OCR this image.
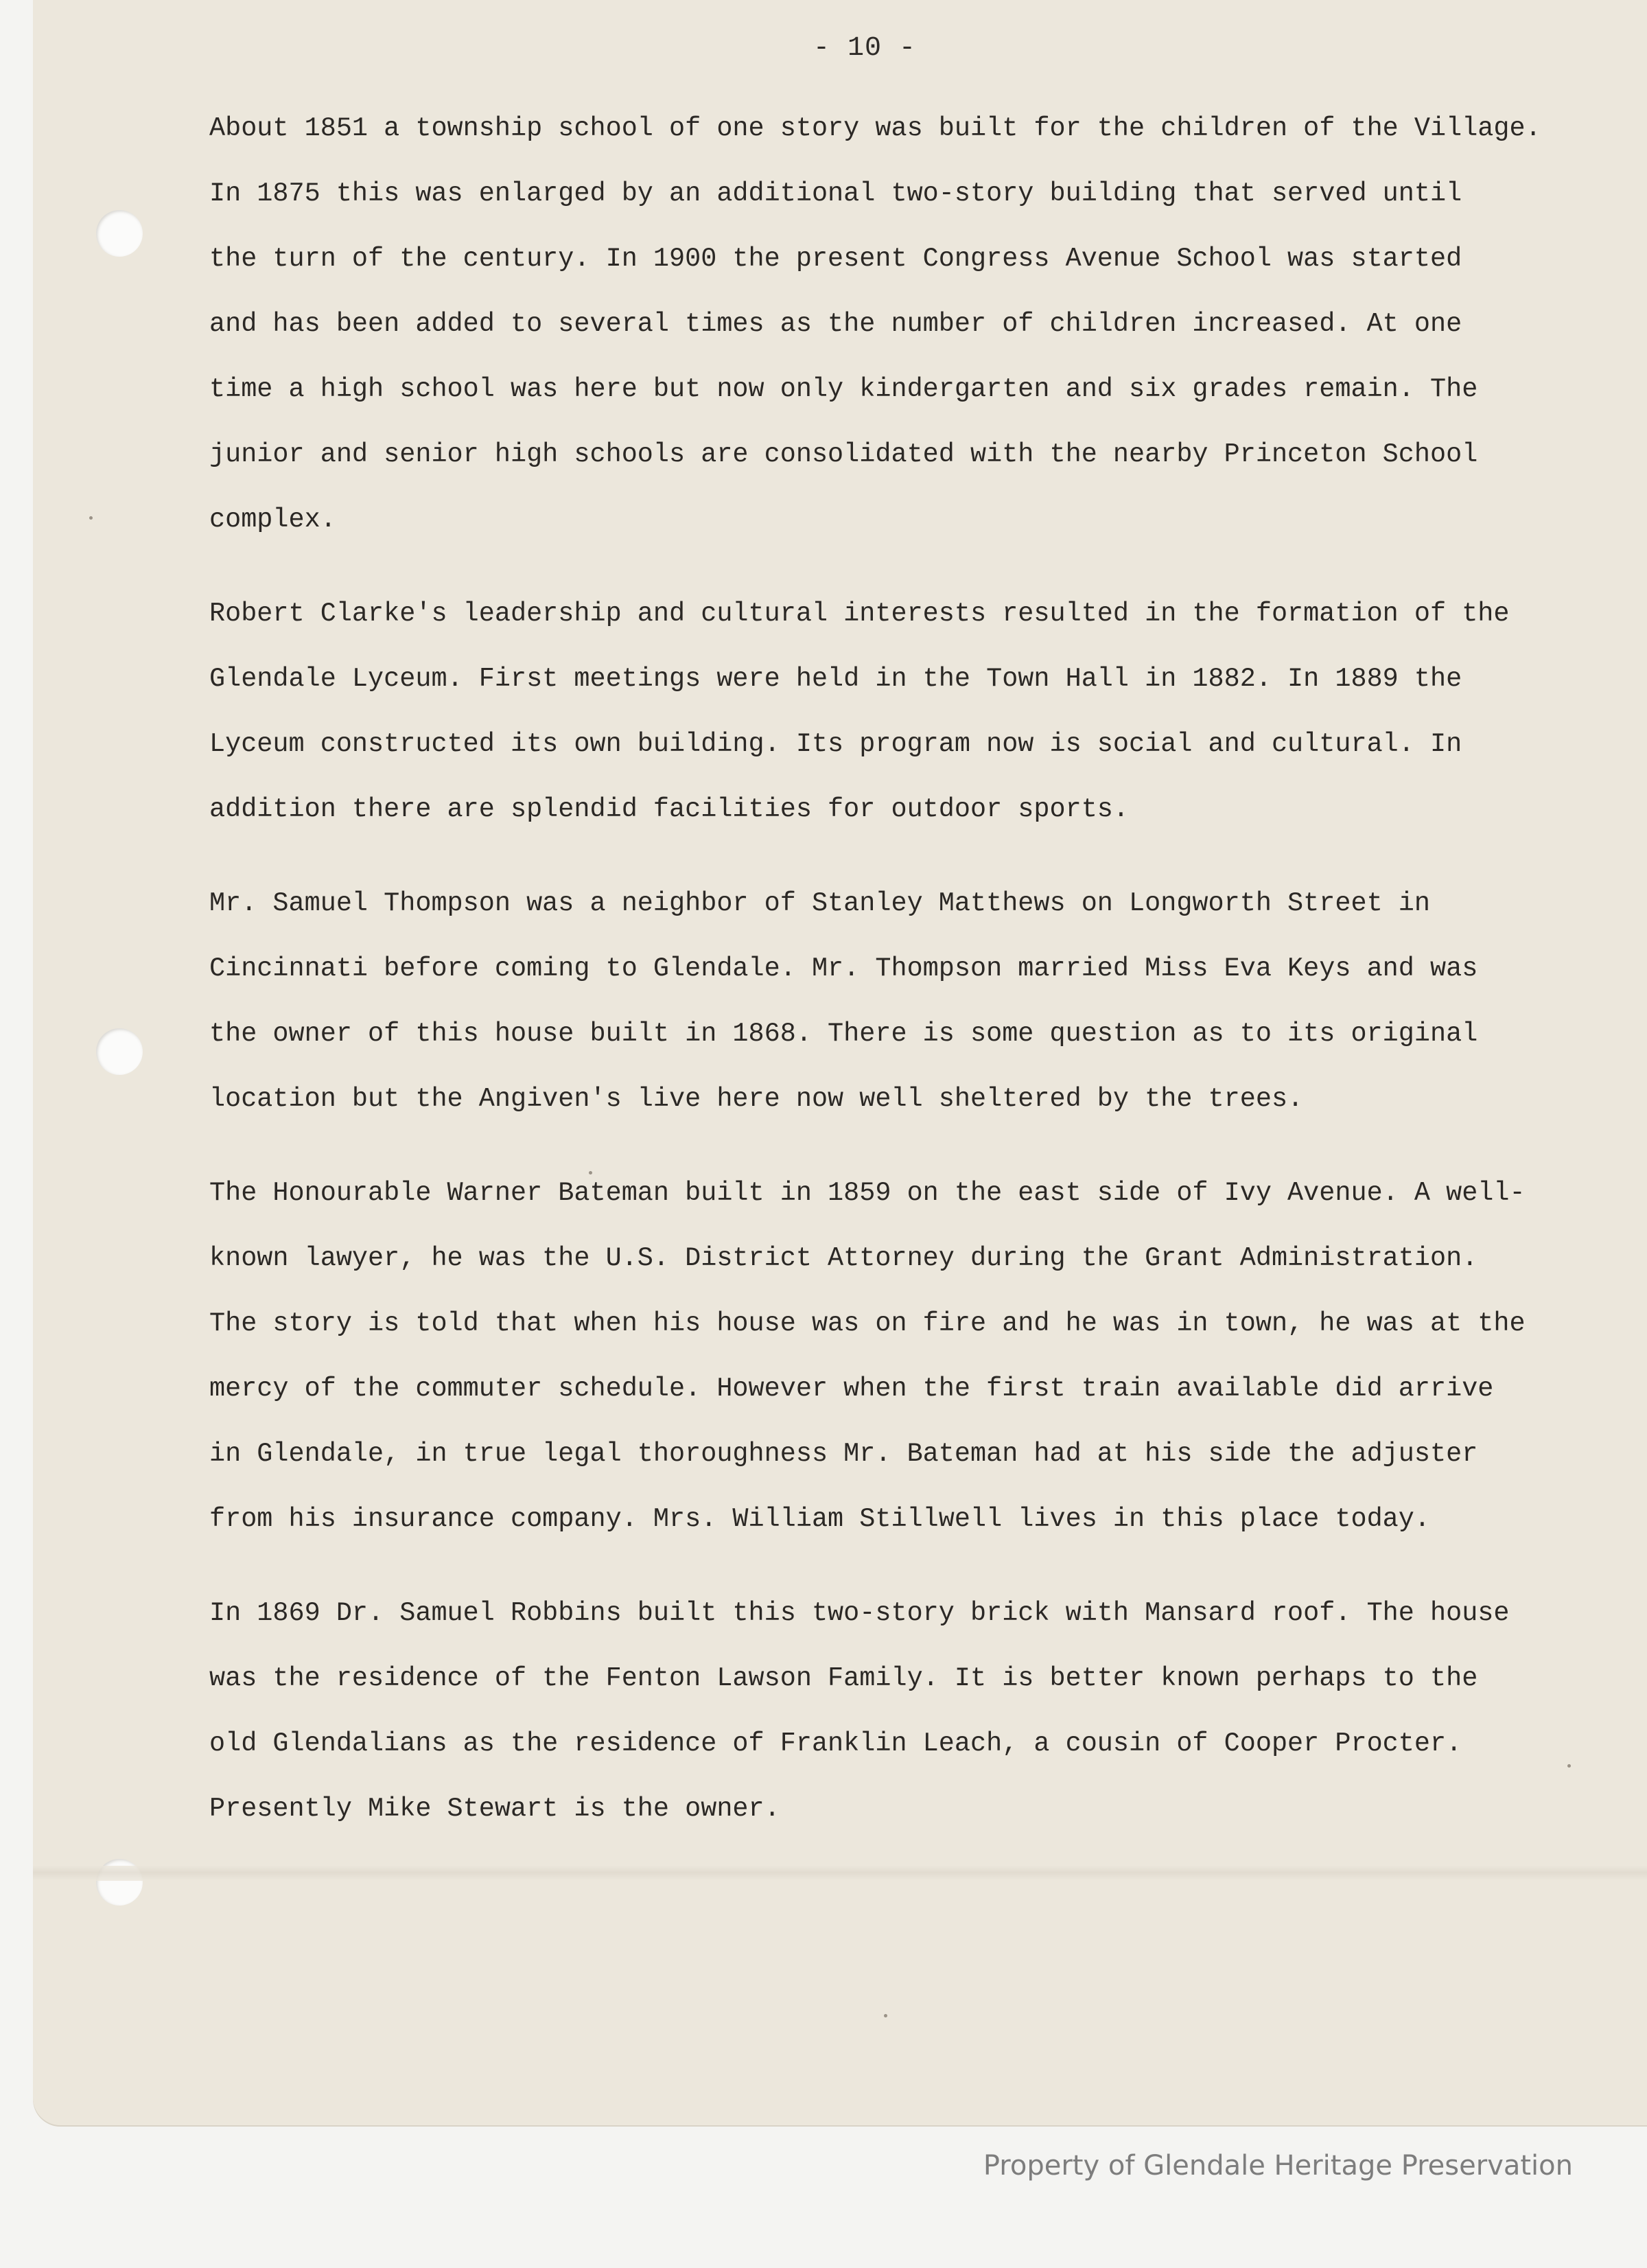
- 10 -
About 1851 a township school of one story was built for the children of the Village.
In 1875 this was enlarged by an additional two-story building that served until
the turn of the century. In 1900 the present Congress Avenue School was started
and has been added to several times as the number of children increased. At one
time a high school was here but now only kindergarten and six grades remain. The
junior and senior high schools are consolidated with the nearby Princeton School
complex.
Robert Clarke's leadership and cultural interests resulted in the formation of the
Glendale Lyceum. First meetings were held in the Town Hall in 1882. In 1889 the
Lyceum constructed its own building. Its program now is social and cultural. In
addition there are splendid facilities for outdoor sports.
Mr. Samuel Thompson was a neighbor of Stanley Matthews on Longworth Street in
Cincinnati before coming to Glendale. Mr. Thompson married Miss Eva Keys and was
the owner of this house built in 1868. There is some question as to its original
location but the Angiven's live here now well sheltered by the trees.
The Honourable Warner Bateman built in 1859 on the east side of Ivy Avenue. A well-
known lawyer, he was the U.S. District Attorney during the Grant Administration.
The story is told that when his house was on fire and he was in town, he was at the
mercy of the commuter schedule. However when the first train available did arrive
in Glendale, in true legal thoroughness Mr. Bateman had at his side the adjuster
from his insurance company. Mrs. William Stillwell lives in this place today.
In 1869 Dr. Samuel Robbins built this two-story brick with Mansard roof. The house
was the residence of the Fenton Lawson Family. It is better known perhaps to the
old Glendalians as the residence of Franklin Leach, a cousin of Cooper Procter.
Presently Mike Stewart is the owner.
Property of Glendale Heritage Preservation
